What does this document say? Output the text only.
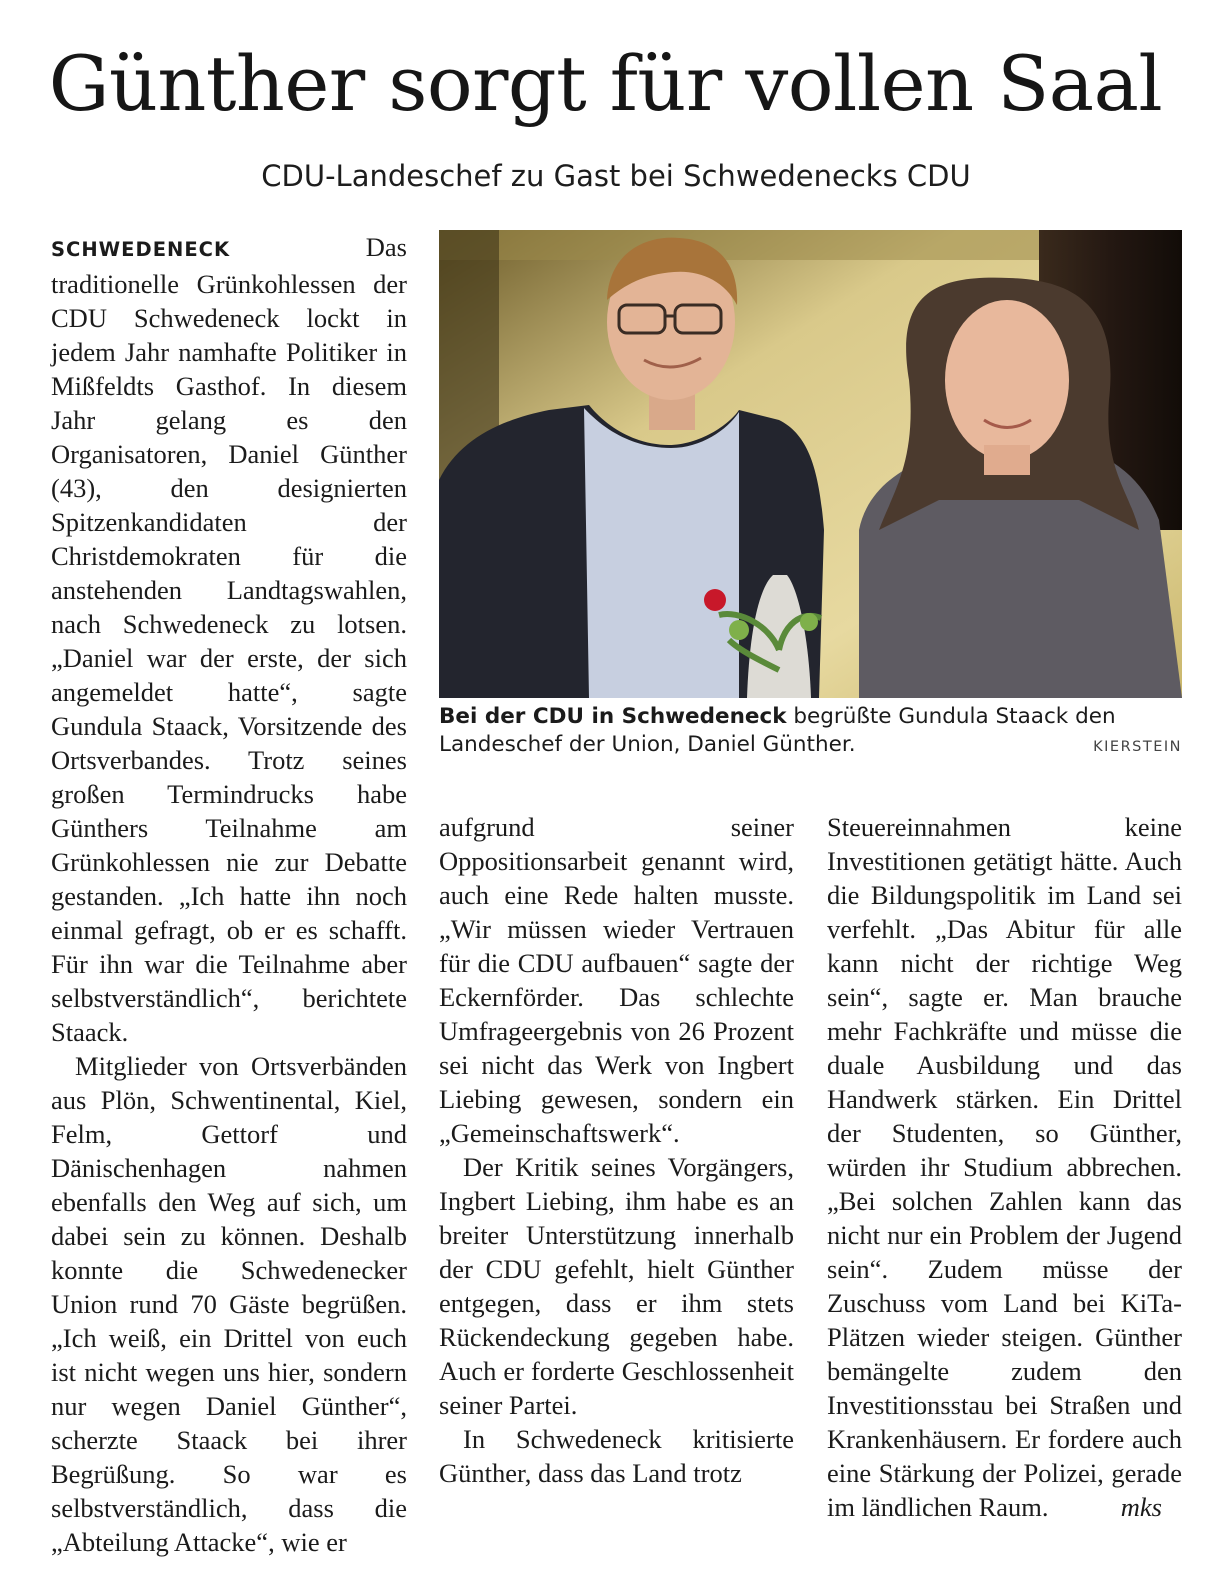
Günther sorgt für vollen Saal
CDU-Landeschef zu Gast bei Schwedenecks CDU

SCHWEDENECK	Das traditionelle Grünkohlessen der CDU Schwedeneck lockt in jedem Jahr namhafte Politiker in Mißfeldts Gasthof. In diesem Jahr gelang es den Organisatoren, Daniel Günther (43), den designierten Spitzenkandidaten der Christdemokraten für die anstehenden Landtagswahlen, nach Schwedeneck zu lotsen. „Daniel war der erste, der sich angemeldet hatte“, sagte Gundula Staack, Vorsitzende des Ortsverbandes. Trotz seines großen Termindrucks habe Günthers Teilnahme am Grünkohlessen nie zur Debatte gestanden. „Ich hatte ihn noch einmal gefragt, ob er es schafft. Für ihn war die Teilnahme aber selbstverständlich“, berichtete Staack.

Mitglieder von Ortsverbänden aus Plön, Schwentinental, Kiel, Felm, Gettorf und Dänischenhagen nahmen ebenfalls den Weg auf sich, um dabei sein zu können. Deshalb konnte die Schwedenecker Union rund 70 Gäste begrüßen. „Ich weiß, ein Drittel von euch ist nicht wegen uns hier, sondern nur wegen Daniel Günther“, scherzte Staack bei ihrer Begrüßung. So war es selbstverständlich, dass die „Abteilung Attacke“, wie er

Bei der CDU in Schwedeneck begrüßte Gundula Staack den Landeschef der Union, Daniel Günther.	KIERSTEIN

aufgrund seiner Oppositionsarbeit genannt wird, auch eine Rede halten musste. „Wir müssen wieder Vertrauen für die CDU aufbauen“ sagte der Eckernförder. Das schlechte Umfrageergebnis von 26 Prozent sei nicht das Werk von Ingbert Liebing gewesen, sondern ein „Gemeinschaftswerk“.

Der Kritik seines Vorgängers, Ingbert Liebing, ihm habe es an breiter Unterstützung innerhalb der CDU gefehlt, hielt Günther entgegen, dass er ihm stets Rückendeckung gegeben habe. Auch er forderte Geschlossenheit seiner Partei.

In Schwedeneck kritisierte Günther, dass das Land trotz

Steuereinnahmen keine Investitionen getätigt hätte. Auch die Bildungspolitik im Land sei verfehlt. „Das Abitur für alle kann nicht der richtige Weg sein“, sagte er. Man brauche mehr Fachkräfte und müsse die duale Ausbildung und das Handwerk stärken. Ein Drittel der Studenten, so Günther, würden ihr Studium abbrechen. „Bei solchen Zahlen kann das nicht nur ein Problem der Jugend sein“. Zudem müsse der Zuschuss vom Land bei KiTa-Plätzen wieder steigen. Günther bemängelte zudem den Investitionsstau bei Straßen und Krankenhäusern. Er fordere auch eine Stärkung der Polizei, gerade im ländlichen Raum.	mks
